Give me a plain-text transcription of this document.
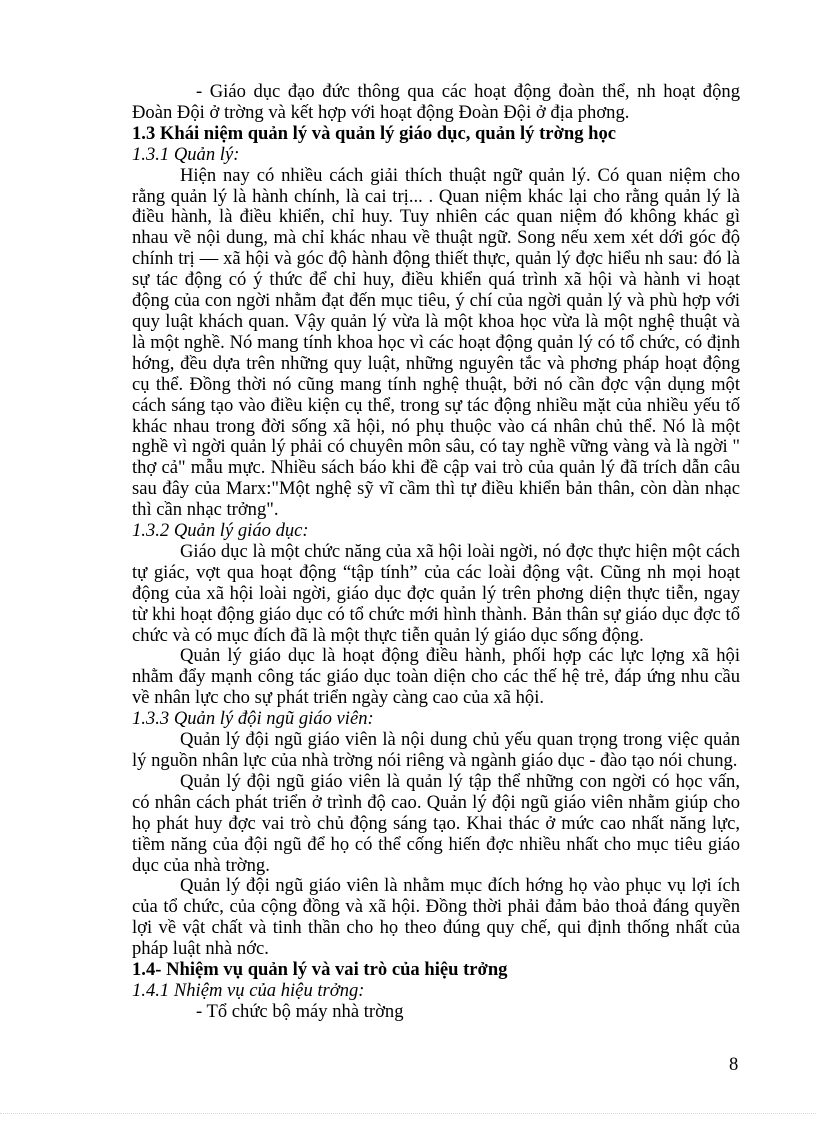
- Giáo dục đạo đức thông qua các hoạt động đoàn thể, nh hoạt động Đoàn Đội ở trờng và kết hợp với hoạt động Đoàn Đội ở địa phơng.

1.3 Khái niệm quản lý và quản lý giáo dục, quản lý trờng học

1.3.1 Quản lý:

Hiện nay có nhiều cách giải thích thuật ngữ quản lý. Có quan niệm cho rằng quản lý là hành chính, là cai trị... . Quan niệm khác lại cho rằng quản lý là điều hành, là điều khiển, chỉ huy. Tuy nhiên các quan niệm đó không khác gì nhau về nội dung, mà chỉ khác nhau về thuật ngữ. Song nếu xem xét dới góc độ chính trị — xã hội và góc độ hành động thiết thực, quản lý đợc hiểu nh sau: đó là sự tác động có ý thức để chỉ huy, điều khiển quá trình xã hội và hành vi hoạt động của con ngời nhằm đạt đến mục tiêu, ý chí của ngời quản lý và phù hợp với quy luật khách quan. Vậy quản lý vừa là một khoa học vừa là một nghệ thuật và là một nghề. Nó mang tính khoa học vì các hoạt động quản lý có tổ chức, có định hớng, đều dựa trên những quy luật, những nguyên tắc và phơng pháp hoạt động cụ thể. Đồng thời nó cũng mang tính nghệ thuật, bởi nó cần đợc vận dụng một cách sáng tạo vào điều kiện cụ thể, trong sự tác động nhiều mặt của nhiều yếu tố khác nhau trong đời sống xã hội, nó phụ thuộc vào cá nhân chủ thể. Nó là một nghề vì ngời quản lý phải có chuyên môn sâu, có tay nghề vững vàng và là ngời " thợ cả" mẫu mực. Nhiều sách báo khi đề cập vai trò của quản lý đã trích dẫn câu sau đây của Marx:"Một nghệ sỹ vĩ cầm thì tự điều khiển bản thân, còn dàn nhạc thì cần nhạc trởng".

1.3.2 Quản lý giáo dục:

Giáo dục là một chức năng của xã hội loài ngời, nó đợc thực hiện một cách tự giác, vợt qua hoạt động “tập tính” của các loài động vật. Cũng nh mọi hoạt động của xã hội loài ngời, giáo dục đợc quản lý trên phơng diện thực tiễn, ngay từ khi hoạt động giáo dục có tổ chức mới hình thành. Bản thân sự giáo dục đợc tổ chức và có mục đích đã là một thực tiễn quản lý giáo dục sống động.

Quản lý giáo dục là hoạt động điều hành, phối hợp các lực lợng xã hội nhằm đẩy mạnh công tác giáo dục toàn diện cho các thế hệ trẻ, đáp ứng nhu cầu về nhân lực cho sự phát triển ngày càng cao của xã hội.

1.3.3 Quản lý đội ngũ giáo viên:

Quản lý đội ngũ giáo viên là nội dung chủ yếu quan trọng trong việc quản lý nguồn nhân lực của nhà trờng nói riêng và ngành giáo dục - đào tạo nói chung.

Quản lý đội ngũ giáo viên là quản lý tập thể những con ngời có học vấn, có nhân cách phát triển ở trình độ cao. Quản lý đội ngũ giáo viên nhằm giúp cho họ phát huy đợc vai trò chủ động sáng tạo. Khai thác ở mức cao nhất năng lực, tiềm năng của đội ngũ để họ có thể cống hiến đợc nhiều nhất cho mục tiêu giáo dục của nhà trờng.

Quản lý đội ngũ giáo viên là nhằm mục đích hớng họ vào phục vụ lợi ích của tổ chức, của cộng đồng và xã hội. Đồng thời phải đảm bảo thoả đáng quyền lợi về vật chất và tinh thần cho họ theo đúng quy chế, qui định thống nhất của pháp luật nhà nớc.

1.4- Nhiệm vụ quản lý và vai trò của hiệu trởng

1.4.1 Nhiệm vụ của hiệu trởng:

- Tổ chức bộ máy nhà trờng

8
